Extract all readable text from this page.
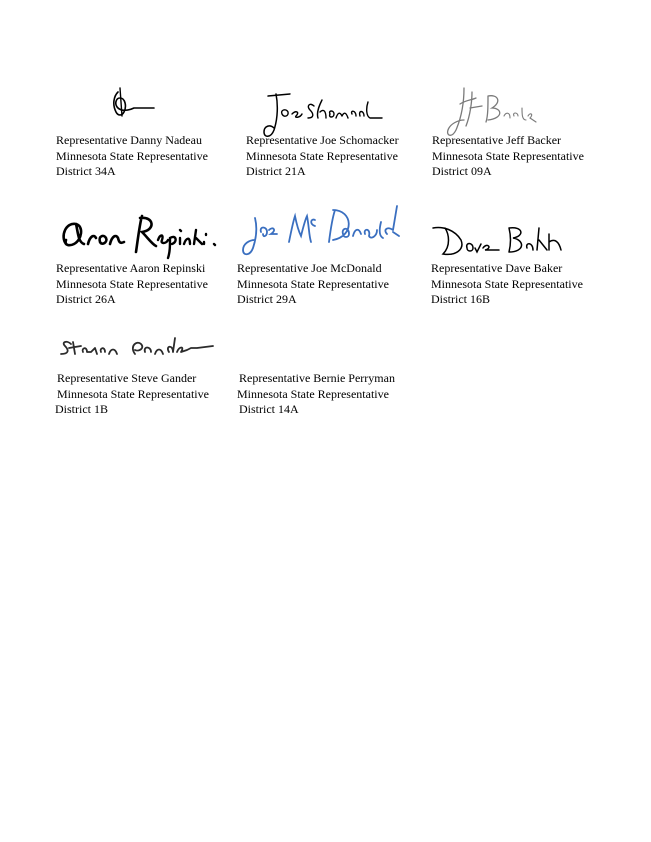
Representative Danny Nadeau
Minnesota State Representative
District 34A
Representative Joe Schomacker
Minnesota State Representative
District 21A
Representative Jeff Backer
Minnesota State Representative
District 09A
Representative Aaron Repinski
Minnesota State Representative
District 26A
Representative Joe McDonald
Minnesota State Representative
District 29A
Representative Dave Baker
Minnesota State Representative
District 16B
Representative Steve Gander
Minnesota State Representative
District 1B
Representative Bernie Perryman
Minnesota State Representative
District 14A
